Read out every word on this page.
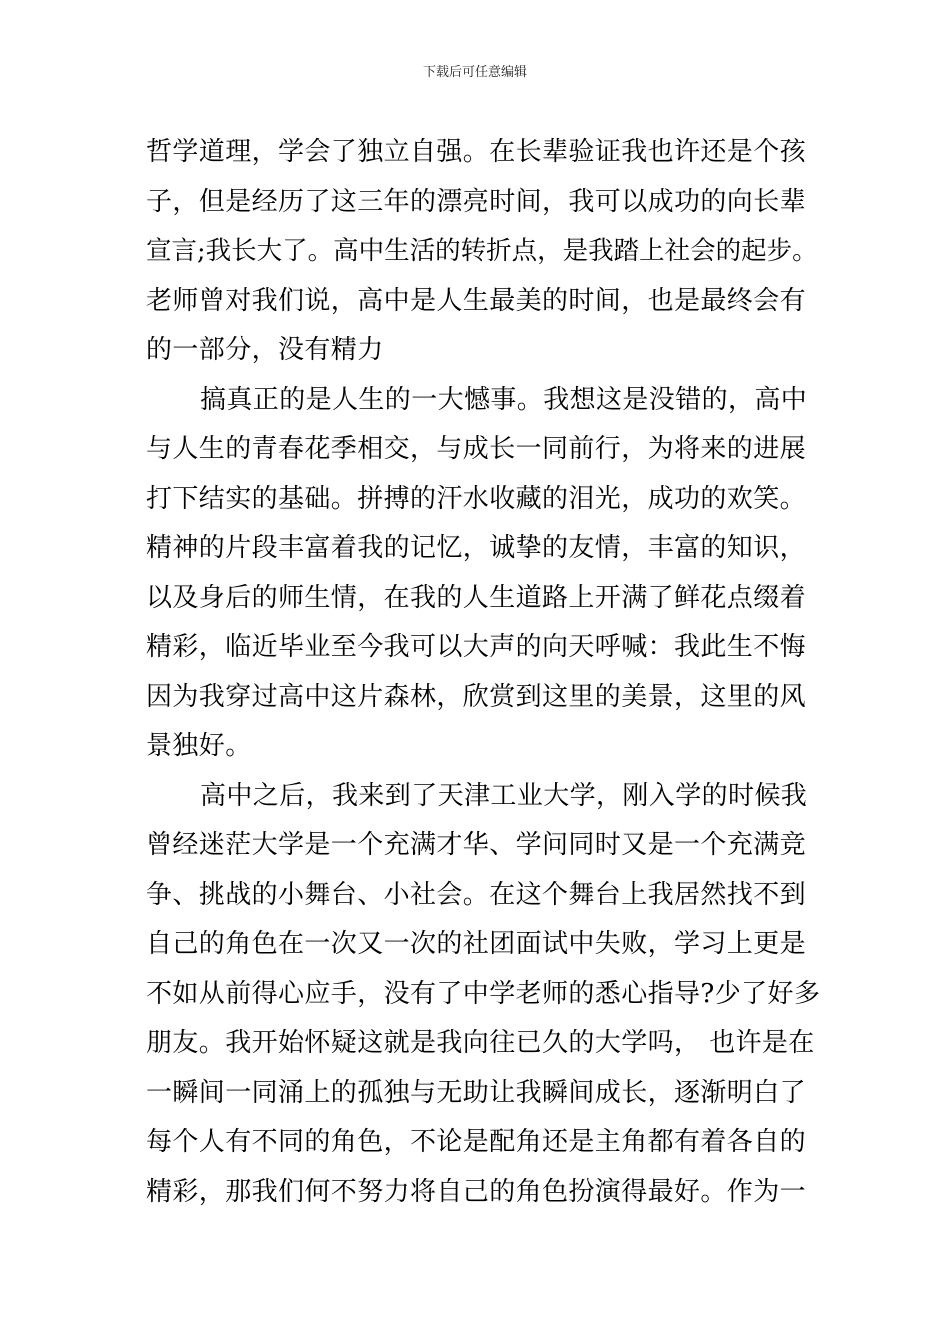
下载后可任意编辑
哲学道理，学会了独立自强。在长辈验证我也许还是个孩
子，但是经历了这三年的漂亮时间，我可以成功的向长辈
宣言;我长大了。高中生活的转折点，是我踏上社会的起步。
老师曾对我们说，高中是人生最美的时间，也是最终会有
的一部分，没有精力
搞真正的是人生的一大憾事。我想这是没错的，高中
与人生的青春花季相交，与成长一同前行，为将来的进展
打下结实的基础。拼搏的汗水收藏的泪光，成功的欢笑。
精神的片段丰富着我的记忆，诚挚的友情，丰富的知识，
以及身后的师生情，在我的人生道路上开满了鲜花点缀着
精彩，临近毕业至今我可以大声的向天呼喊：我此生不悔
因为我穿过高中这片森林，欣赏到这里的美景，这里的风
景独好。
高中之后，我来到了天津工业大学，刚入学的时候我
曾经迷茫大学是一个充满才华、学问同时又是一个充满竞
争、挑战的小舞台、小社会。在这个舞台上我居然找不到
自己的角色在一次又一次的社团面试中失败，学习上更是
不如从前得心应手，没有了中学老师的悉心指导?少了好多
朋友。我开始怀疑这就是我向往已久的大学吗， 也许是在
一瞬间一同涌上的孤独与无助让我瞬间成长，逐渐明白了
每个人有不同的角色，不论是配角还是主角都有着各自的
精彩，那我们何不努力将自己的角色扮演得最好。作为一
